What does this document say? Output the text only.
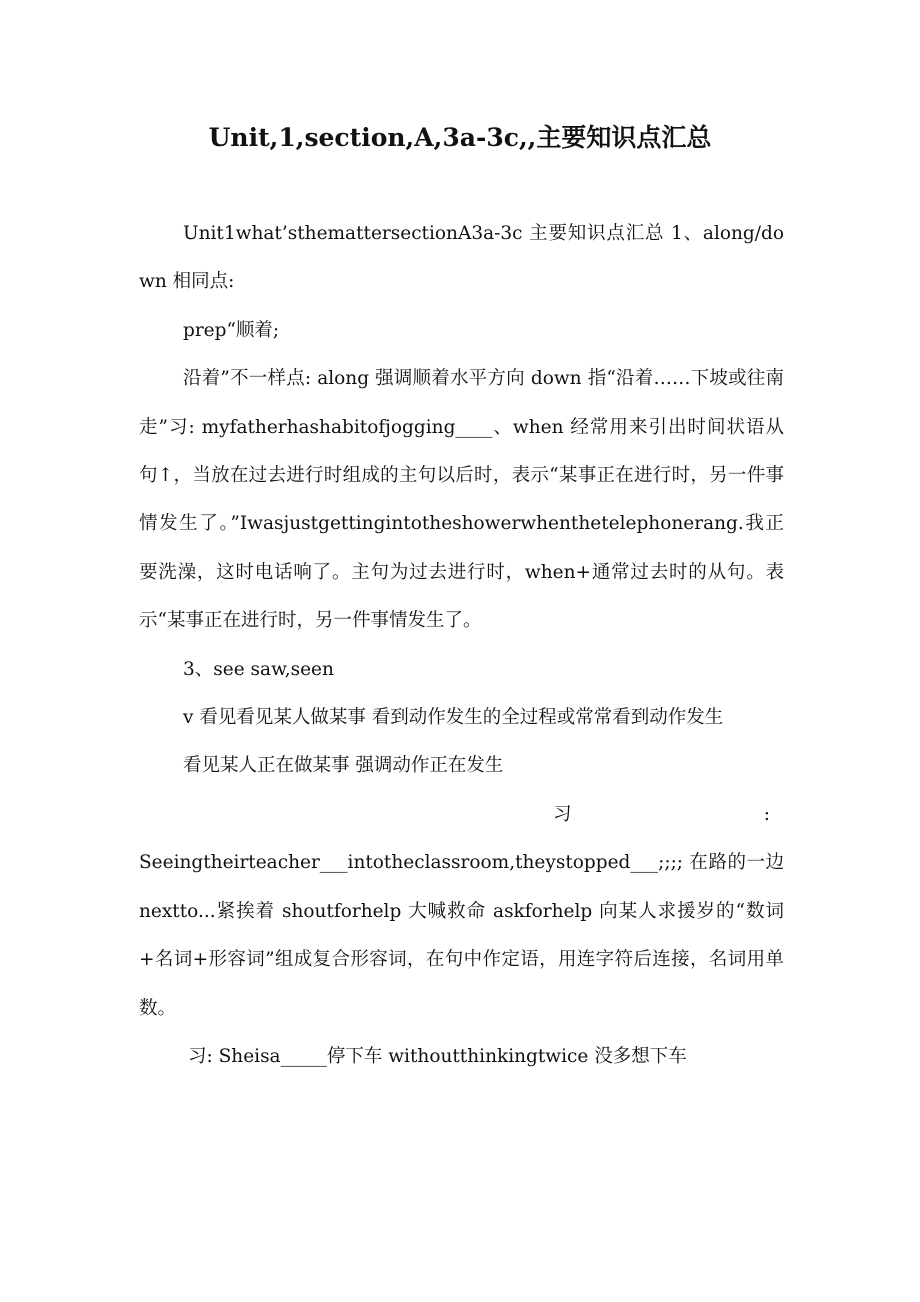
Unit,1,section,A,3a-3c,,主要知识点汇总

Unit1what’sthemattersectionA3a-3c 主要知识点汇总 1、along/down 相同点:

prep“顺着;

沿着”不一样点: along 强调顺着水平方向 down 指“沿着……下坡或往南走”习: myfatherhashabitofjogging____、when 经常用来引出时间状语从句↑，当放在过去进行时组成的主句以后时，表示“某事正在进行时，另一件事情发生了。”Iwasjustgettingintotheshowerwhenthetelephonerang.我正要洗澡，这时电话响了。主句为过去进行时，when+通常过去时的从句。表示“某事正在进行时，另一件事情发生了。

3、see saw,seen

v 看见看见某人做某事 看到动作发生的全过程或常常看到动作发生

看见某人正在做某事 强调动作正在发生

习	:

Seeingtheirteacher___intotheclassroom,theystopped___;;;; 在路的一边 nextto...紧挨着 shoutforhelp 大喊救命 askforhelp 向某人求援岁的“数词+名词+形容词”组成复合形容词，在句中作定语，用连字符后连接，名词用单数。

习: Sheisa_____停下车 withoutthinkingtwice 没多想下车
